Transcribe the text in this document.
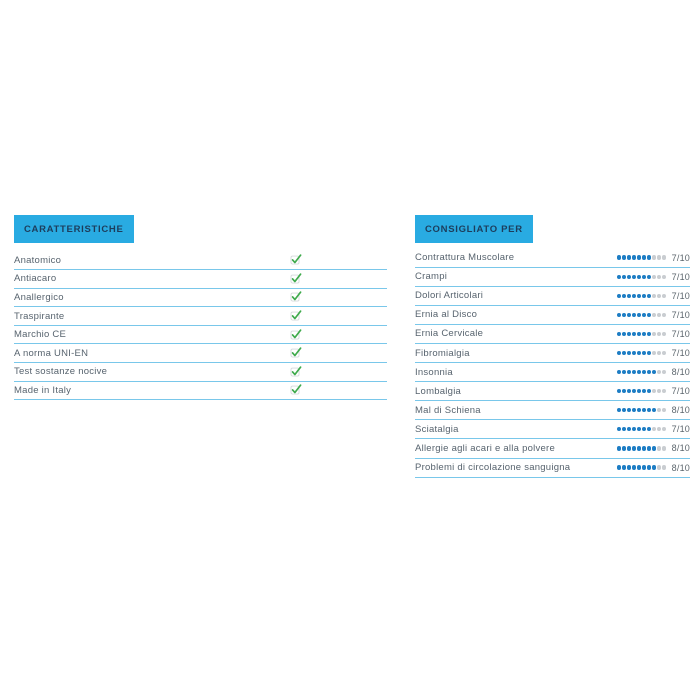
CARATTERISTICHE
Anatomico
Antiacaro
Anallergico
Traspirante
Marchio CE
A norma UNI-EN
Test sostanze nocive
Made in Italy
CONSIGLIATO PER
Contrattura Muscolare	7/10
Crampi	7/10
Dolori Articolari	7/10
Ernia al Disco	7/10
Ernia Cervicale	7/10
Fibromialgia	7/10
Insonnia	8/10
Lombalgia	7/10
Mal di Schiena	8/10
Sciatalgia	7/10
Allergie agli acari e alla polvere	8/10
Problemi di circolazione sanguigna	8/10
